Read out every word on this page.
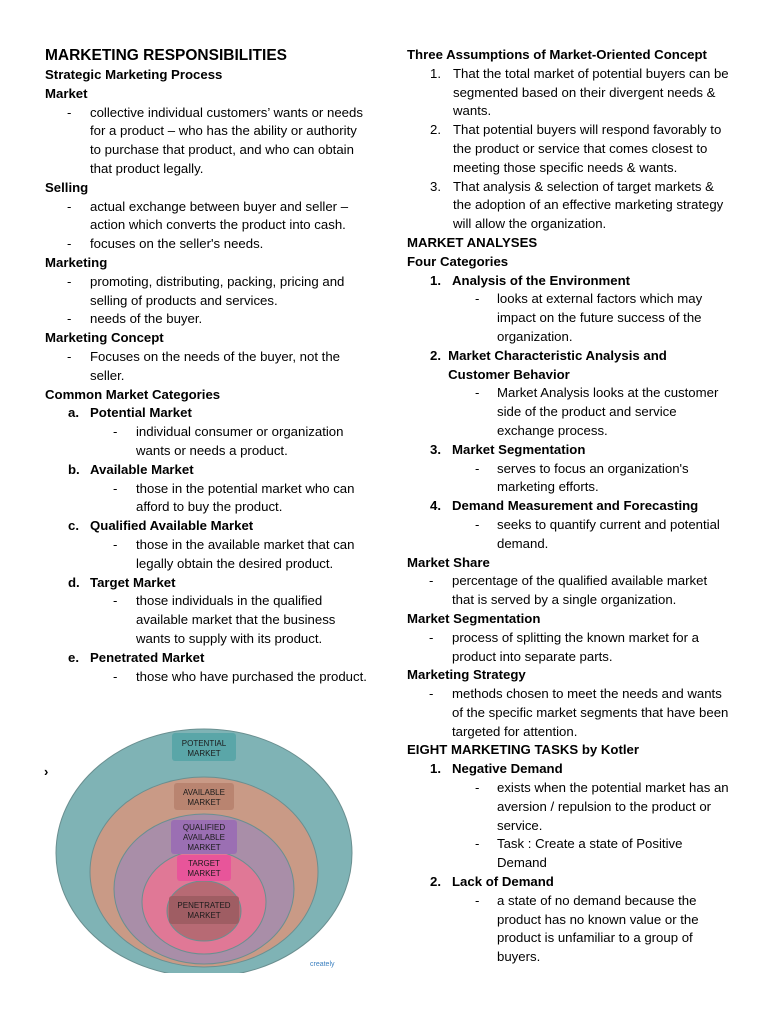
MARKETING RESPONSIBILITIES
Strategic Marketing Process
Market
-	collective individual customers’ wants or needs for a product – who has the ability or authority to purchase that product, and who can obtain that product legally.
Selling
-	actual exchange between buyer and seller – action which converts the product into cash.
-	focuses on the seller's needs.
Marketing
-	promoting, distributing, packing, pricing and selling of products and services.
-	needs of the buyer.
Marketing Concept
-	Focuses on the needs of the buyer, not the seller.
Common Market Categories
a. Potential Market
-	individual consumer or organization wants or needs a product.
b. Available Market
-	those in the potential market who can afford to buy the product.
c. Qualified Available Market
-	those in the available market that can legally obtain the desired product.
d. Target Market
-	those individuals in the qualified available market that the business wants to supply with its product.
e. Penetrated Market
-	those who have purchased the product.
POTENTIAL
MARKET
AVAILABLE
MARKET
QUALIFIED
AVAILABLE
MARKET
TARGET
MARKET
PENETRATED
MARKET
creately
›
Three Assumptions of Market-Oriented Concept
1. That the total market of potential buyers can be segmented based on their divergent needs & wants.
2. That potential buyers will respond favorably to the product or service that comes closest to meeting those specific needs & wants.
3. That analysis & selection of target markets & the adoption of an effective marketing strategy will allow the organization.
MARKET ANALYSES
Four Categories
1. Analysis of the Environment
-	looks at external factors which may impact on the future success of the organization.
2. Market Characteristic Analysis and Customer Behavior
-	Market Analysis looks at the customer side of the product and service exchange process.
3. Market Segmentation
-	serves to focus an organization's marketing efforts.
4. Demand Measurement and Forecasting
-	seeks to quantify current and potential demand.
Market Share
-	percentage of the qualified available market that is served by a single organization.
Market Segmentation
-	process of splitting the known market for a product into separate parts.
Marketing Strategy
-	methods chosen to meet the needs and wants of the specific market segments that have been targeted for attention.
EIGHT MARKETING TASKS by Kotler
1. Negative Demand
-	exists when the potential market has an aversion / repulsion to the product or service.
-	Task : Create a state of Positive Demand
2. Lack of Demand
-	a state of no demand because the product has no known value or the product is unfamiliar to a group of buyers.
